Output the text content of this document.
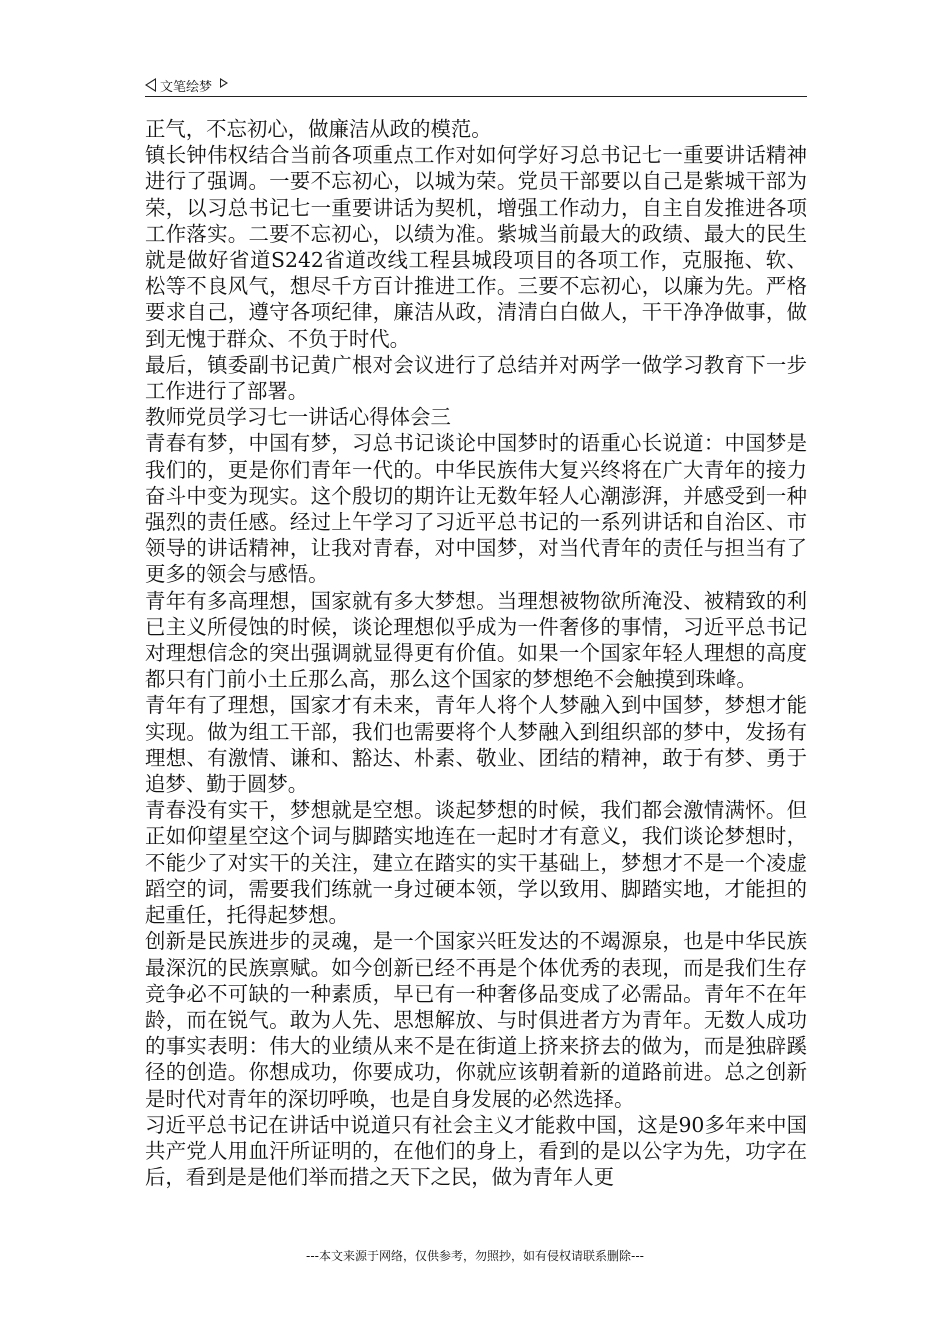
文笔绘梦

正气，不忘初心，做廉洁从政的模范。

镇长钟伟权结合当前各项重点工作对如何学好习总书记七一重要讲话精神进行了强调。一要不忘初心，以城为荣。党员干部要以自己是紫城干部为荣，以习总书记七一重要讲话为契机，增强工作动力，自主自发推进各项工作落实。二要不忘初心，以绩为准。紫城当前最大的政绩、最大的民生就是做好省道S242省道改线工程县城段项目的各项工作，克服拖、软、松等不良风气，想尽千方百计推进工作。三要不忘初心，以廉为先。严格要求自己，遵守各项纪律，廉洁从政，清清白白做人，干干净净做事，做到无愧于群众、不负于时代。

最后，镇委副书记黄广根对会议进行了总结并对两学一做学习教育下一步工作进行了部署。

教师党员学习七一讲话心得体会三

青春有梦，中国有梦，习总书记谈论中国梦时的语重心长说道：中国梦是我们的，更是你们青年一代的。中华民族伟大复兴终将在广大青年的接力奋斗中变为现实。这个殷切的期许让无数年轻人心潮澎湃，并感受到一种强烈的责任感。经过上午学习了习近平总书记的一系列讲话和自治区、市领导的讲话精神，让我对青春，对中国梦，对当代青年的责任与担当有了更多的领会与感悟。

青年有多高理想，国家就有多大梦想。当理想被物欲所淹没、被精致的利已主义所侵蚀的时候，谈论理想似乎成为一件奢侈的事情，习近平总书记对理想信念的突出强调就显得更有价值。如果一个国家年轻人理想的高度都只有门前小土丘那么高，那么这个国家的梦想绝不会触摸到珠峰。

青年有了理想，国家才有未来，青年人将个人梦融入到中国梦，梦想才能实现。做为组工干部，我们也需要将个人梦融入到组织部的梦中，发扬有理想、有激情、谦和、豁达、朴素、敬业、团结的精神，敢于有梦、勇于追梦、勤于圆梦。

青春没有实干，梦想就是空想。谈起梦想的时候，我们都会激情满怀。但正如仰望星空这个词与脚踏实地连在一起时才有意义，我们谈论梦想时，不能少了对实干的关注，建立在踏实的实干基础上，梦想才不是一个凌虚蹈空的词，需要我们练就一身过硬本领，学以致用、脚踏实地，才能担的起重任，托得起梦想。

创新是民族进步的灵魂，是一个国家兴旺发达的不竭源泉，也是中华民族最深沉的民族禀赋。如今创新已经不再是个体优秀的表现，而是我们生存竞争必不可缺的一种素质，早已有一种奢侈品变成了必需品。青年不在年龄，而在锐气。敢为人先、思想解放、与时俱进者方为青年。无数人成功的事实表明：伟大的业绩从来不是在街道上挤来挤去的做为，而是独辟蹊径的创造。你想成功，你要成功，你就应该朝着新的道路前进。总之创新是时代对青年的深切呼唤，也是自身发展的必然选择。

习近平总书记在讲话中说道只有社会主义才能救中国，这是90多年来中国共产党人用血汗所证明的，在他们的身上，看到的是以公字为先，功字在后，看到是是他们举而措之天下之民，做为青年人更

---本文来源于网络，仅供参考，勿照抄，如有侵权请联系删除---
